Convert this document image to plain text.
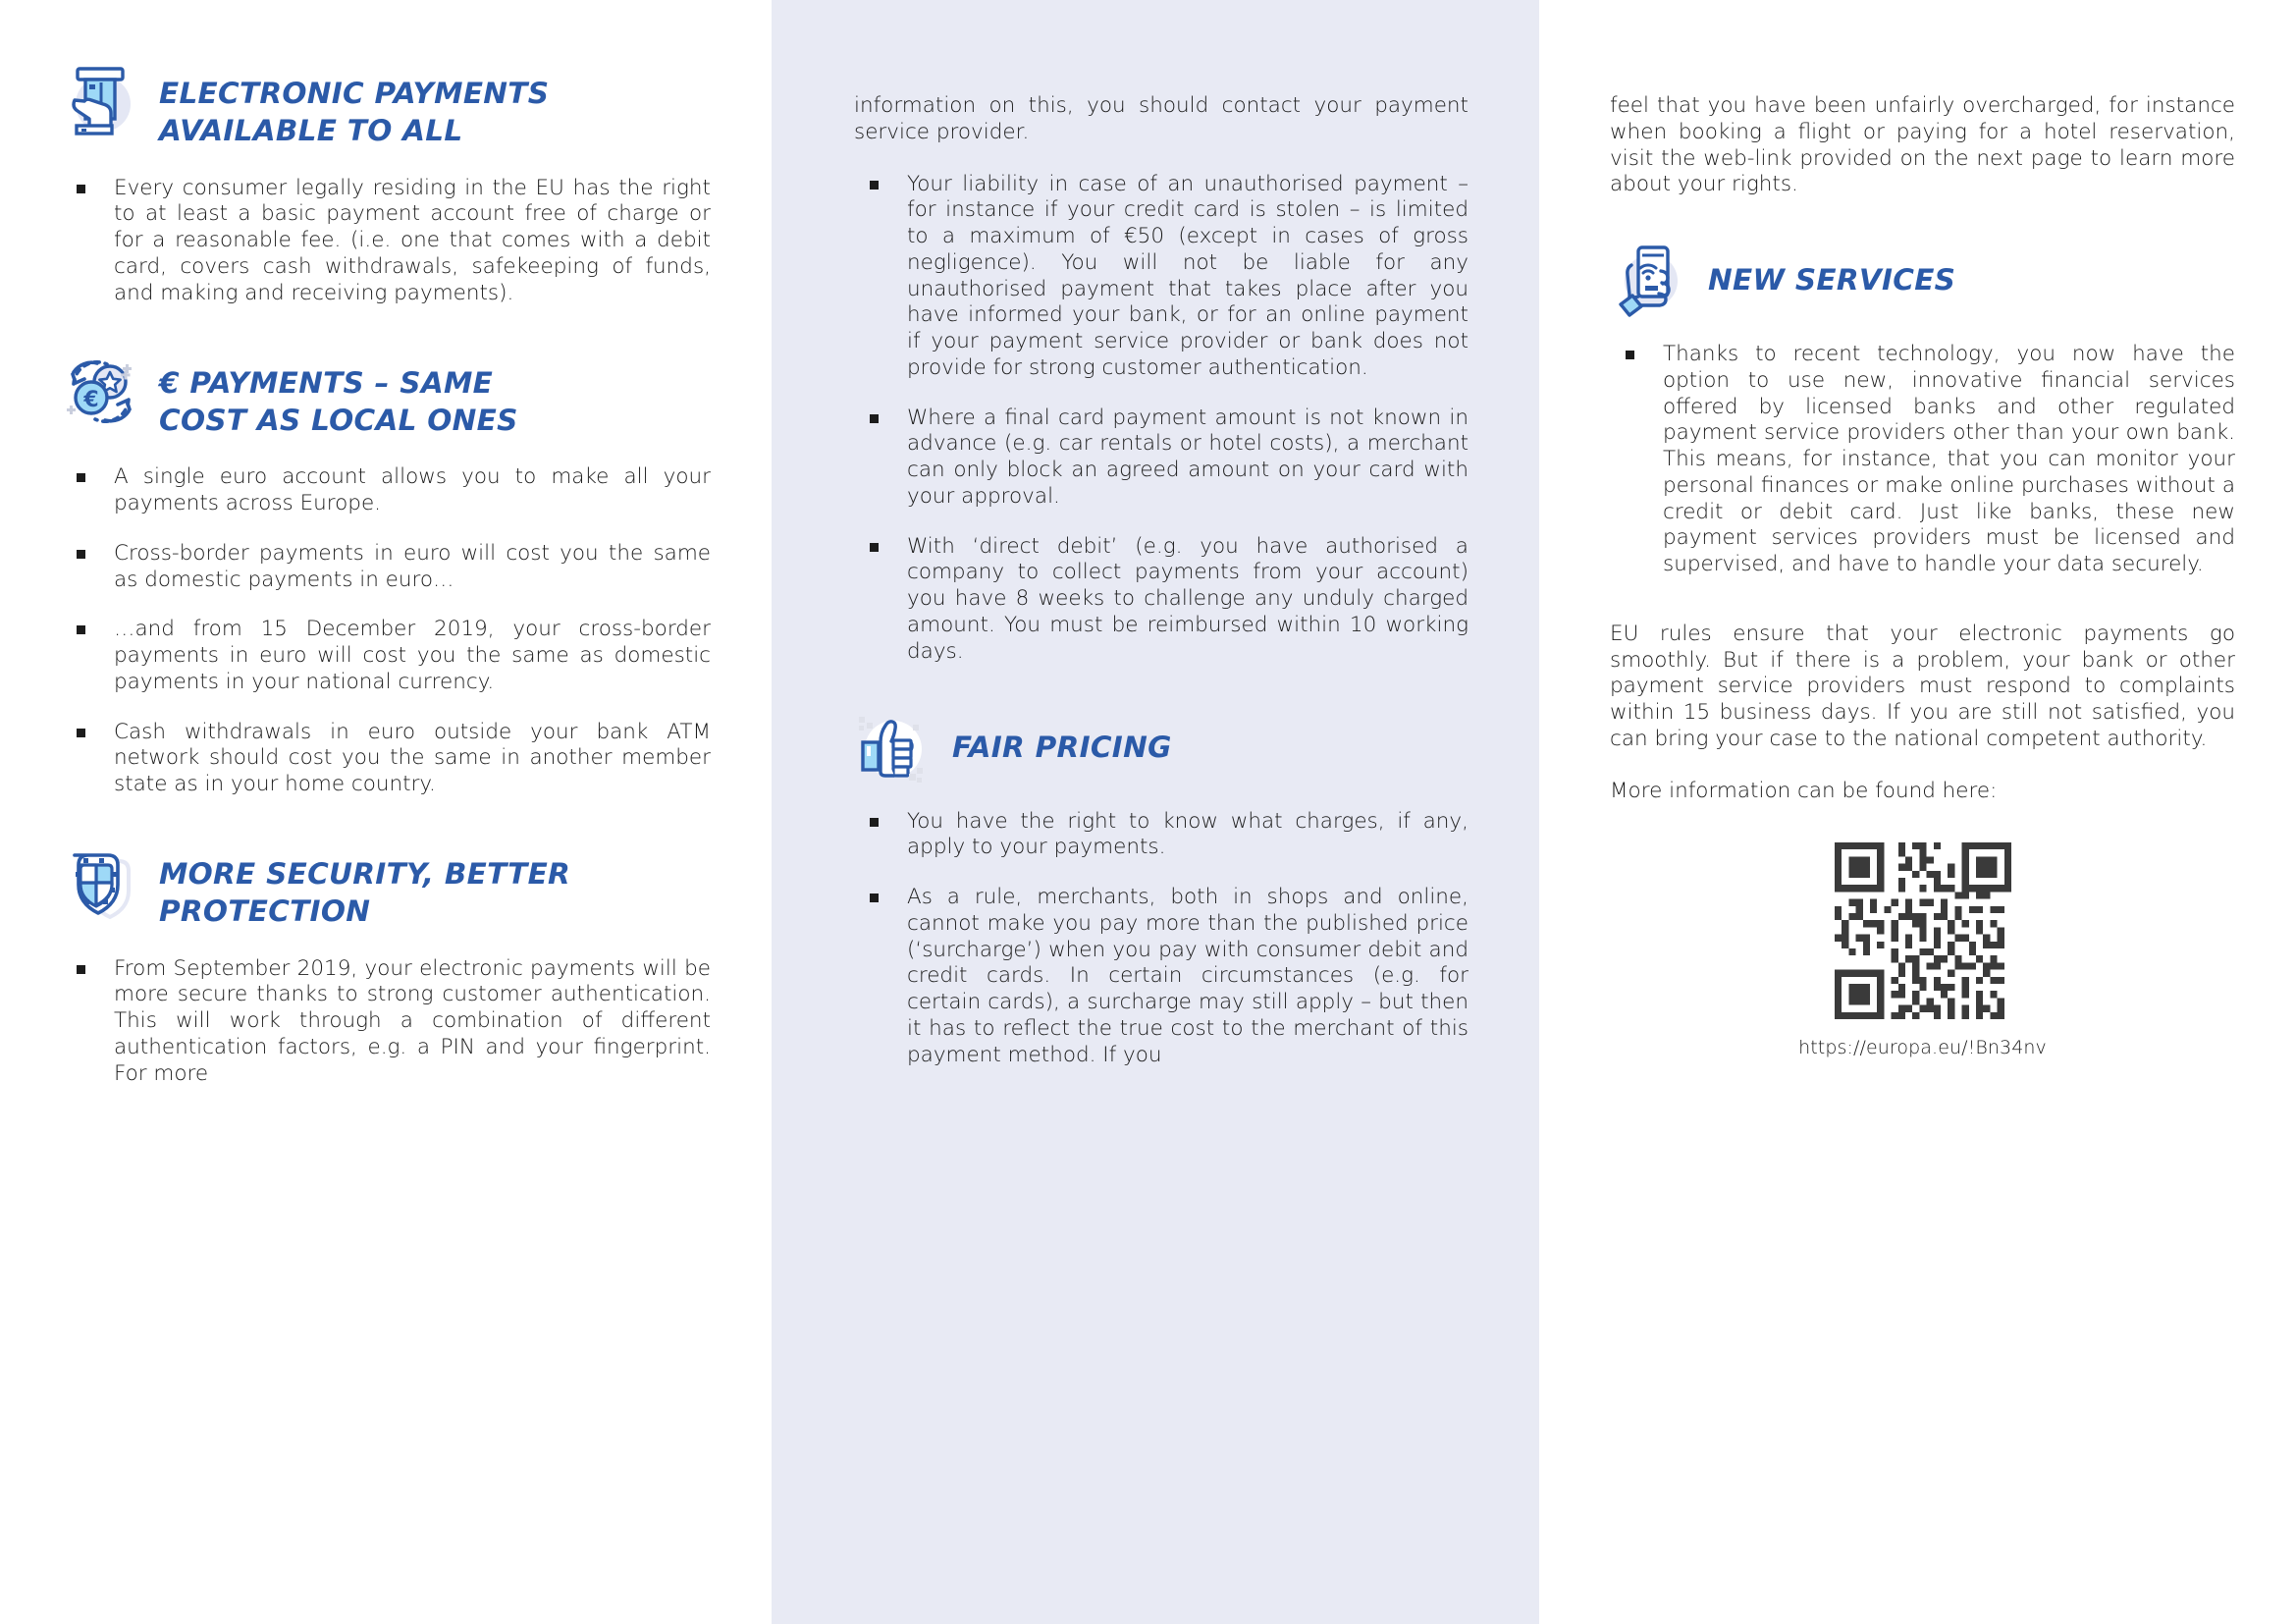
ELECTRONIC PAYMENTS AVAILABLE TO ALL
Every consumer legally residing in the EU has the right to at least a basic payment account free of charge or for a reasonable fee. (i.e. one that comes with a debit card, covers cash withdrawals, safekeeping of funds, and making and receiving payments).
€
€ PAYMENTS – SAME COST AS LOCAL ONES
A single euro account allows you to make all your payments across Europe.
Cross-border payments in euro will cost you the same as domestic payments in euro…
…and from 15 December 2019, your cross-border payments in euro will cost you the same as domestic payments in your national currency.
Cash withdrawals in euro outside your bank ATM network should cost you the same in another member state as in your home country.
MORE SECURITY, BETTER PROTECTION
From September 2019, your electronic payments will be more secure thanks to strong customer authentication. This will work through a combination of different authentication factors, e.g. a PIN and your fingerprint. For more
information on this, you should contact your payment service provider.
Your liability in case of an unauthorised payment – for instance if your credit card is stolen – is limited to a maximum of €50 (except in cases of gross negligence). You will not be liable for any unauthorised payment that takes place after you have informed your bank, or for an online payment if your payment service provider or bank does not provide for strong customer authentication.
Where a final card payment amount is not known in advance (e.g. car rentals or hotel costs), a merchant can only block an agreed amount on your card with your approval.
With ‘direct debit’ (e.g. you have authorised a company to collect payments from your account) you have 8 weeks to challenge any unduly charged amount. You must be reimbursed within 10 working days.
FAIR PRICING
You have the right to know what charges, if any, apply to your payments.
As a rule, merchants, both in shops and online, cannot make you pay more than the published price (‘surcharge’) when you pay with consumer debit and credit cards. In certain circumstances (e.g. for certain cards), a surcharge may still apply – but then it has to reflect the true cost to the merchant of this payment method. If you
feel that you have been unfairly overcharged, for instance when booking a flight or paying for a hotel reservation, visit the web-link provided on the next page to learn more about your rights.
NEW SERVICES
Thanks to recent technology, you now have the option to use new, innovative financial services offered by licensed banks and other regulated payment service providers other than your own bank. This means, for instance, that you can monitor your personal finances or make online purchases without a credit or debit card. Just like banks, these new payment services providers must be licensed and supervised, and have to handle your data securely.
EU rules ensure that your electronic payments go smoothly. But if there is a problem, your bank or other payment service providers must respond to complaints within 15 business days. If you are still not satisfied, you can bring your case to the national competent authority.
More information can be found here:
https://europa.eu/!Bn34nv
